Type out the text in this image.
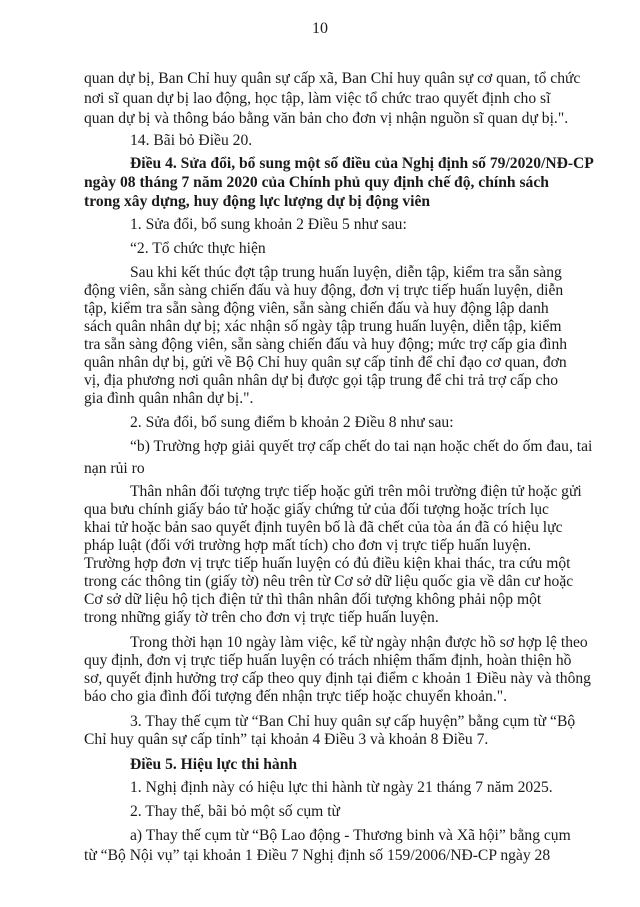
10
quan dự bị, Ban Chỉ huy quân sự cấp xã, Ban Chỉ huy quân sự cơ quan, tổ chức
nơi sĩ quan dự bị lao động, học tập, làm việc tổ chức trao quyết định cho sĩ
quan dự bị và thông báo bằng văn bản cho đơn vị nhận nguồn sĩ quan dự bị.".
14. Bãi bỏ Điều 20.
Điều 4. Sửa đổi, bổ sung một số điều của Nghị định số 79/2020/NĐ-CP
ngày 08 tháng 7 năm 2020 của Chính phủ quy định chế độ, chính sách
trong xây dựng, huy động lực lượng dự bị động viên
1. Sửa đổi, bổ sung khoản 2 Điều 5 như sau:
“2. Tổ chức thực hiện
Sau khi kết thúc đợt tập trung huấn luyện, diễn tập, kiểm tra sẵn sàng
động viên, sẵn sàng chiến đấu và huy động, đơn vị trực tiếp huấn luyện, diễn
tập, kiểm tra sẵn sàng động viên, sẵn sàng chiến đấu và huy động lập danh
sách quân nhân dự bị; xác nhận số ngày tập trung huấn luyện, diễn tập, kiểm
tra sẵn sàng động viên, sẵn sàng chiến đấu và huy động; mức trợ cấp gia đình
quân nhân dự bị, gửi về Bộ Chỉ huy quân sự cấp tỉnh để chỉ đạo cơ quan, đơn
vị, địa phương nơi quân nhân dự bị được gọi tập trung để chi trả trợ cấp cho
gia đình quân nhân dự bị.".
2. Sửa đổi, bổ sung điểm b khoản 2 Điều 8 như sau:
“b) Trường hợp giải quyết trợ cấp chết do tai nạn hoặc chết do ốm đau, tai
nạn rủi ro
Thân nhân đối tượng trực tiếp hoặc gửi trên môi trường điện tử hoặc gửi
qua bưu chính giấy báo tử hoặc giấy chứng tử của đối tượng hoặc trích lục
khai tử hoặc bản sao quyết định tuyên bố là đã chết của tòa án đã có hiệu lực
pháp luật (đối với trường hợp mất tích) cho đơn vị trực tiếp huấn luyện.
Trường hợp đơn vị trực tiếp huấn luyện có đủ điều kiện khai thác, tra cứu một
trong các thông tin (giấy tờ) nêu trên từ Cơ sở dữ liệu quốc gia về dân cư hoặc
Cơ sở dữ liệu hộ tịch điện tử thì thân nhân đối tượng không phải nộp một
trong những giấy tờ trên cho đơn vị trực tiếp huấn luyện.
Trong thời hạn 10 ngày làm việc, kể từ ngày nhận được hồ sơ hợp lệ theo
quy định, đơn vị trực tiếp huấn luyện có trách nhiệm thẩm định, hoàn thiện hồ
sơ, quyết định hưởng trợ cấp theo quy định tại điểm c khoản 1 Điều này và thông
báo cho gia đình đối tượng đến nhận trực tiếp hoặc chuyển khoản.".
3. Thay thế cụm từ “Ban Chỉ huy quân sự cấp huyện” bằng cụm từ “Bộ
Chỉ huy quân sự cấp tỉnh” tại khoản 4 Điều 3 và khoản 8 Điều 7.
Điều 5. Hiệu lực thi hành
1. Nghị định này có hiệu lực thi hành từ ngày 21 tháng 7 năm 2025.
2. Thay thế, bãi bỏ một số cụm từ
a) Thay thế cụm từ “Bộ Lao động - Thương binh và Xã hội” bằng cụm
từ “Bộ Nội vụ” tại khoản 1 Điều 7 Nghị định số 159/2006/NĐ-CP ngày 28
